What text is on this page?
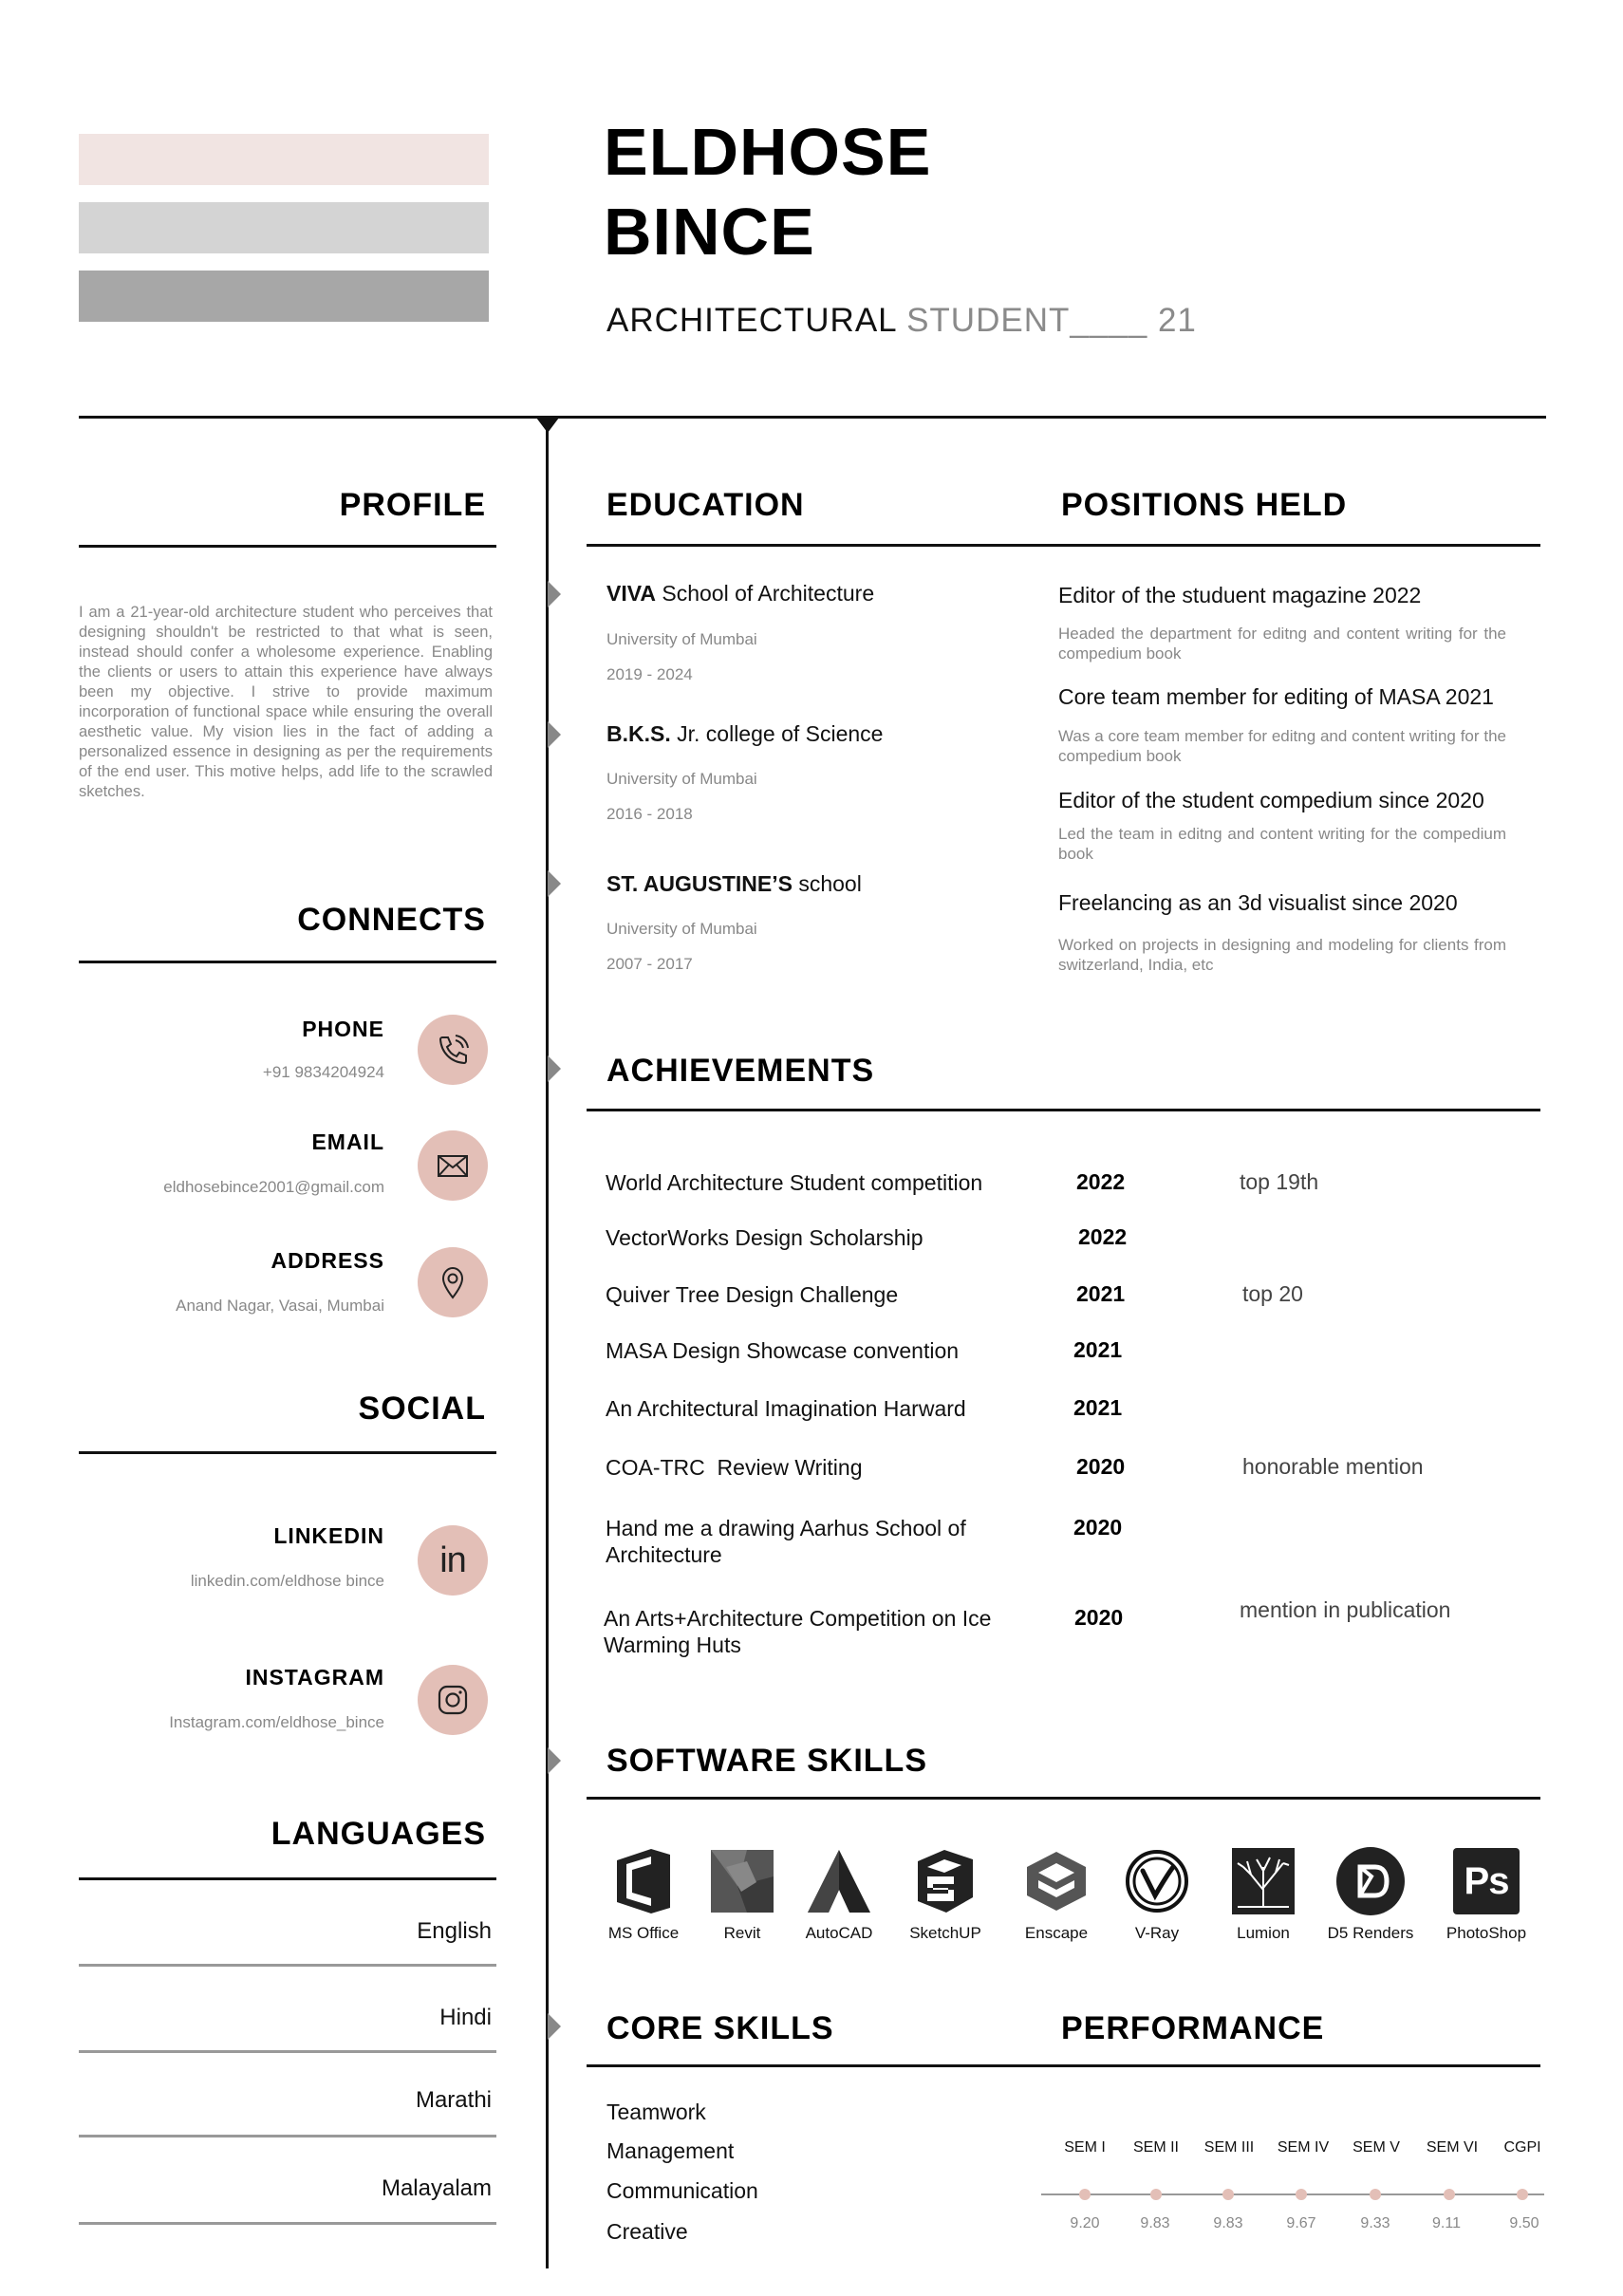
ELDHOSE
BINCE
ARCHITECTURAL STUDENT____ 21
PROFILE
I am a 21-year-old architecture student who perceives that designing shouldn't be restricted to that what is seen, instead should confer a wholesome experience. Enabling the clients or users to attain this experience have always been my objective. I strive to provide maximum incorporation of functional space while ensuring the overall aesthetic value. My vision lies in the fact of adding a personalized essence in designing as per the requirements of the end user. This motive helps, add life to the scrawled sketches.
CONNECTS
PHONE
+91 9834204924
EMAIL
eldhosebince2001@gmail.com
ADDRESS
Anand Nagar, Vasai, Mumbai
SOCIAL
LINKEDIN
linkedin.com/eldhose bince
in
INSTAGRAM
Instagram.com/eldhose_bince
LANGUAGES
English
Hindi
Marathi
Malayalam
EDUCATION	POSITIONS HELD
VIVA School of Architecture
University of Mumbai
2019 - 2024
B.K.S. Jr. college of Science
University of Mumbai
2016 - 2018
ST. AUGUSTINE’S school
University of Mumbai
2007 - 2017
Editor of the studuent magazine 2022
Headed the department for editng and content writing for the compedium book
Core team member for editing of MASA 2021
Was a core team member for editng and content writing for the compedium book
Editor of the student compedium since 2020
Led the team in editng and content writing for the compedium book
Freelancing as an 3d visualist since 2020
Worked on projects in designing and modeling for clients from switzerland, India, etc
ACHIEVEMENTS
World Architecture Student competition	2022	top 19th
VectorWorks Design Scholarship	2022
Quiver Tree Design Challenge	2021	top 20
MASA Design Showcase convention	2021
An Architectural Imagination Harward	2021
COA-TRC  Review Writing	2020	honorable mention
Hand me a drawing Aarhus School of Architecture
2020
An Arts+Architecture Competition on Ice Warming Huts
2020	mention in publication
SOFTWARE SKILLS
MS Office	Revit	AutoCAD	SketchUP	Enscape	V-Ray	Lumion	D5 Renders
Ps
PhotoShop
CORE SKILLS	PERFORMANCE
Teamwork
Management
Communication
Creative
SEM I
9.20
SEM II
9.83
SEM III
9.83
SEM IV
9.67
SEM V
9.33
SEM VI
9.11
CGPI
9.50
